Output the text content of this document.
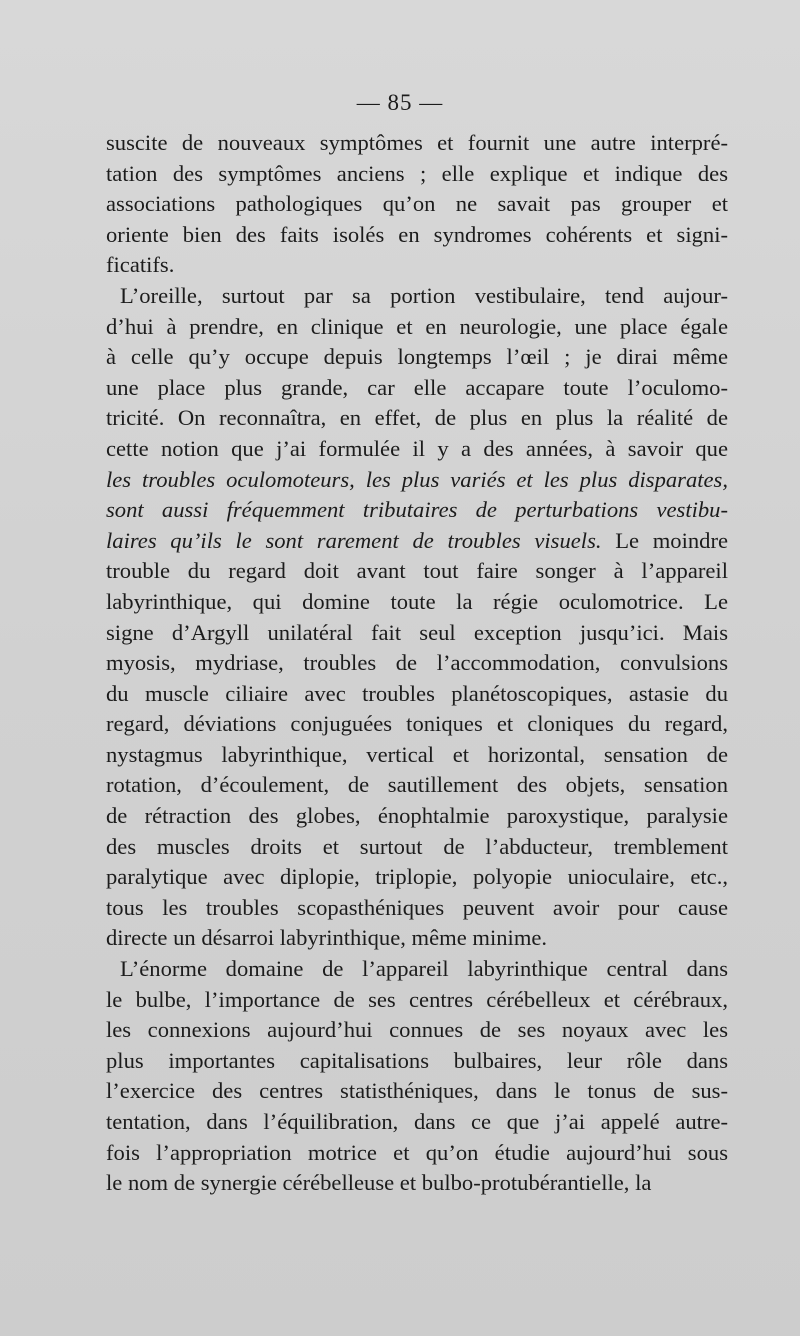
— 85 —
suscite de nouveaux symptômes et fournit une autre interpré-
tation des symptômes anciens ; elle explique et indique des
associations pathologiques qu’on ne savait pas grouper et
oriente bien des faits isolés en syndromes cohérents et signi-
ficatifs.
L’oreille, surtout par sa portion vestibulaire, tend aujour-
d’hui à prendre, en clinique et en neurologie, une place égale
à celle qu’y occupe depuis longtemps l’œil ; je dirai même
une place plus grande, car elle accapare toute l’oculomo-
tricité. On reconnaîtra, en effet, de plus en plus la réalité de
cette notion que j’ai formulée il y a des années, à savoir que
les troubles oculomoteurs, les plus variés et les plus disparates,
sont aussi fréquemment tributaires de perturbations vestibu-
laires qu’ils le sont rarement de troubles visuels. Le moindre
trouble du regard doit avant tout faire songer à l’appareil
labyrinthique, qui domine toute la régie oculomotrice. Le
signe d’Argyll unilatéral fait seul exception jusqu’ici. Mais
myosis, mydriase, troubles de l’accommodation, convulsions
du muscle ciliaire avec troubles planétoscopiques, astasie du
regard, déviations conjuguées toniques et cloniques du regard,
nystagmus labyrinthique, vertical et horizontal, sensation de
rotation, d’écoulement, de sautillement des objets, sensation
de rétraction des globes, énophtalmie paroxystique, paralysie
des muscles droits et surtout de l’abducteur, tremblement
paralytique avec diplopie, triplopie, polyopie unioculaire, etc.,
tous les troubles scopasthéniques peuvent avoir pour cause
directe un désarroi labyrinthique, même minime.
L’énorme domaine de l’appareil labyrinthique central dans
le bulbe, l’importance de ses centres cérébelleux et cérébraux,
les connexions aujourd’hui connues de ses noyaux avec les
plus importantes capitalisations bulbaires, leur rôle dans
l’exercice des centres statisthéniques, dans le tonus de sus-
tentation, dans l’équilibration, dans ce que j’ai appelé autre-
fois l’appropriation motrice et qu’on étudie aujourd’hui sous
le nom de synergie cérébelleuse et bulbo-protubérantielle, la
